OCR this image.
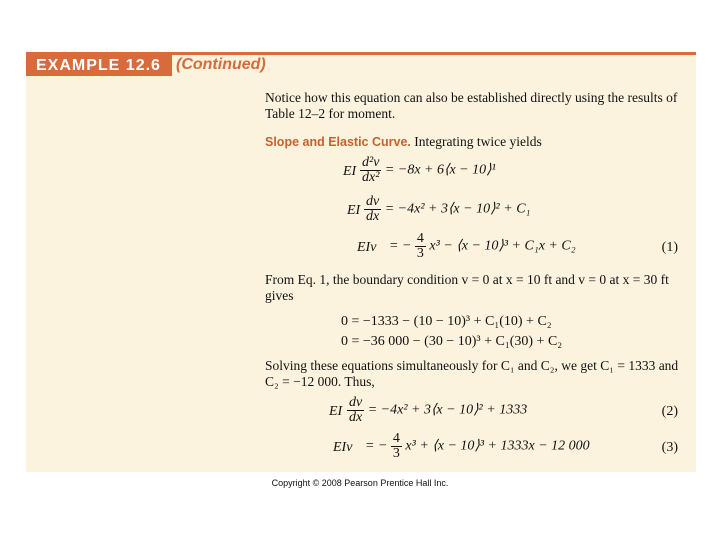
EXAMPLE 12.6 (Continued)
Notice how this equation can also be established directly using the results of Table 12–2 for moment.
Slope and Elastic Curve. Integrating twice yields
EI $\frac{\text{d²v}}{\text{dx²}} = -8x$ + 6⟨x − 10⟩¹
EI $\frac{dv}{dx} = -4x^2$ + 3⟨x − 10⟩² + C₁
EIv = − $\frac{4}{3} x^3$ − ⟨x − 10⟩³ + C₁x + C₂	(1)
From Eq. 1, the boundary condition v = 0 at x = 10 ft and v = 0 at x = 30 ft gives
0 = −1333 − (10 − 10)³ + C₁(10) + C₂
0 = −36 000 − (30 − 10)³ + C₁(30) + C₂
Solving these equations simultaneously for C₁ and C₂, we get C₁ = 1333 and C₂ = −12 000. Thus,
EI $\frac{dv}{dx} = -4x^2$ + 3⟨x − 10⟩² + 1333	(2)
EIv = − $\frac{4}{3} x^3$ + ⟨x − 10⟩³ + 1333x − 12 000	(3)
Copyright © 2008 Pearson Prentice Hall Inc.
